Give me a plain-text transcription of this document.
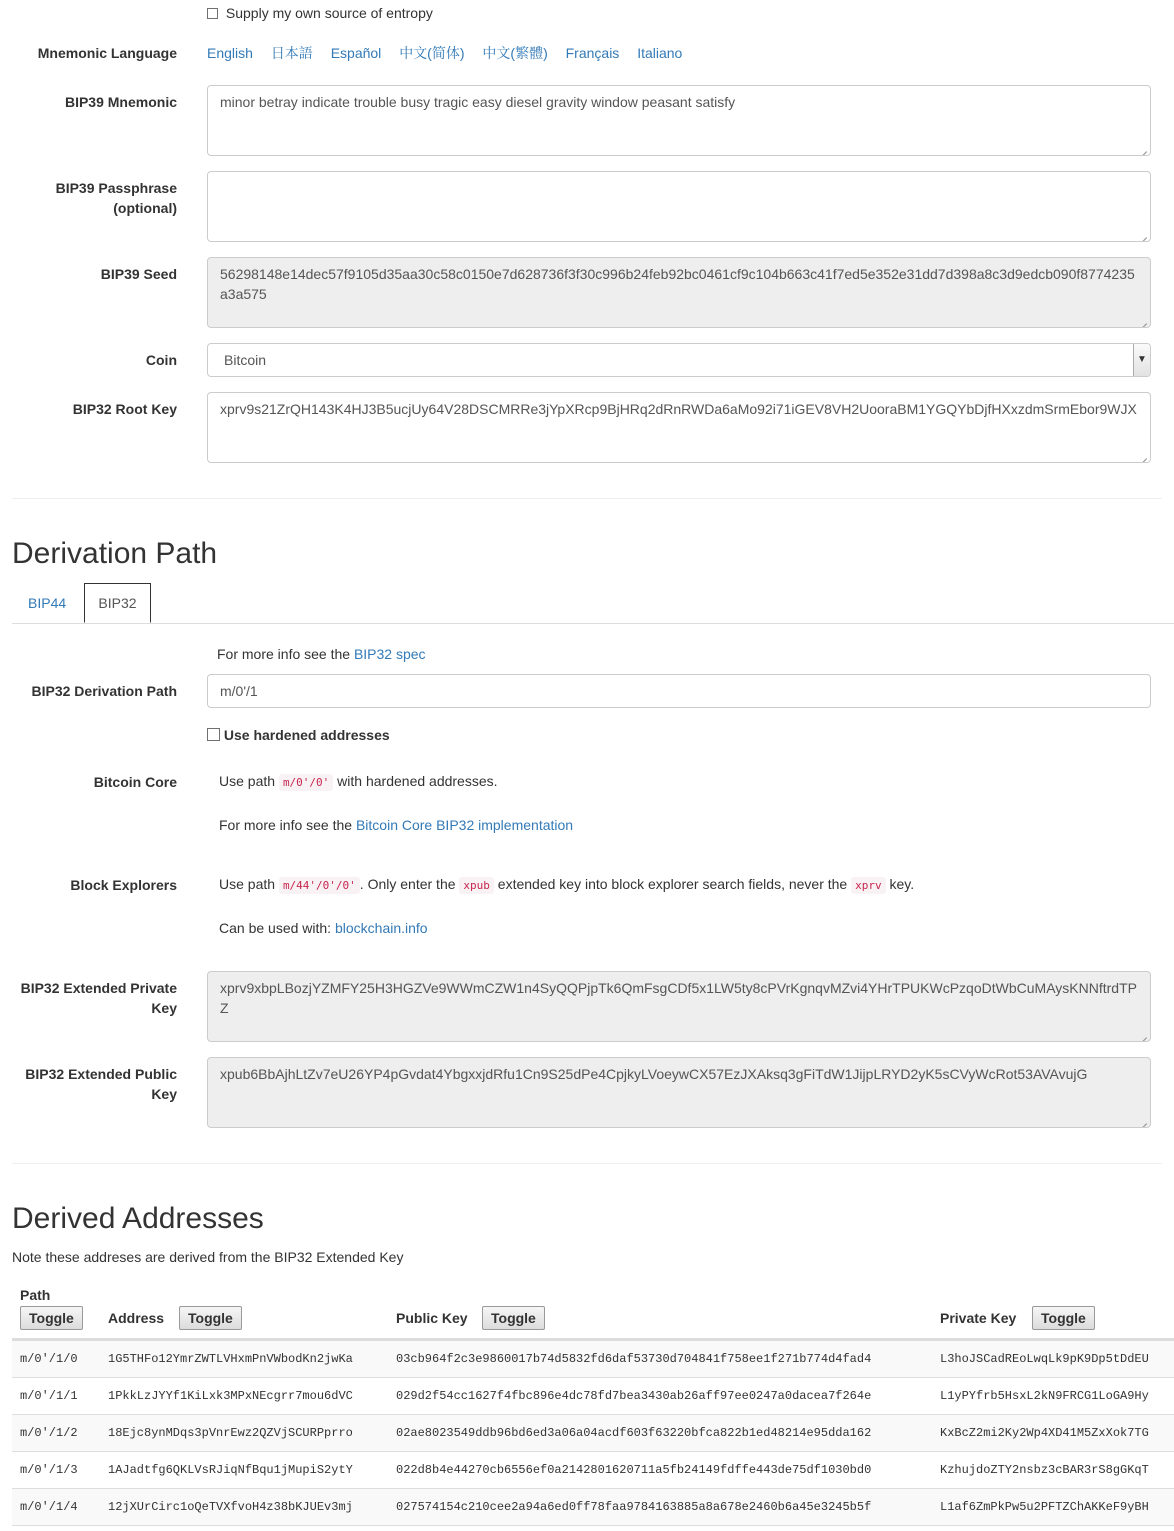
Supply my own source of entropy
Mnemonic Language English 日本語 Español 中文(简体) 中文(繁體) Français Italiano
BIP39 Mnemonic	minor betray indicate trouble busy tragic easy diesel gravity window peasant satisfy
BIP39 Passphrase
(optional)
BIP39 Seed	56298148e14dec57f9105d35aa30c58c0150e7d628736f3f30c996b24feb92bc0461cf9c104b663c41f7ed5e352e31dd7d398a8c3d9edcb090f8774235a3a575
Coin	Bitcoin	▼
BIP32 Root Key	xprv9s21ZrQH143K4HJ3B5ucjUy64V28DSCMRRe3jYpXRcp9BjHRq2dRnRWDa6aMo92i71iGEV8VH2UooraBM1YGQYbDjfHXxzdmSrmEbor9WJX
Derivation Path
BIP44	BIP32
For more info see the BIP32 spec
BIP32 Derivation Path	m/0'/1
Use hardened addresses
Bitcoin Core	Use path m/0'/0' with hardened addresses.
For more info see the Bitcoin Core BIP32 implementation
Block Explorers	Use path m/44'/0'/0' . Only enter the xpub extended key into block explorer search fields, never the xprv key.
Can be used with: blockchain.info
BIP32 Extended Private
Key
xprv9xbpLBozjYZMFY25H3HGZVe9WWmCZW1n4SyQQPjpTk6QmFsgCDf5x1LW5ty8cPVrKgnqvMZvi4YHrTPUKWcPzqoDtWbCuMAysKNNftrdTPZ
BIP32 Extended Public
Key
xpub6BbAjhLtZv7eU26YP4pGvdat4YbgxxjdRfu1Cn9S25dPe4CpjkyLVoeywCX57EzJXAksq3gFiTdW1JijpLRYD2yK5sCVyWcRot53AVAvujG
Derived Addresses
Note these addreses are derived from the BIP32 Extended Key
Path
Toggle	Address	Toggle	Public Key	Toggle	Private Key	Toggle
m/0'/1/0	1G5THFo12YmrZWTLVHxmPnVWbodKn2jwKa	03cb964f2c3e9860017b74d5832fd6daf53730d704841f758ee1f271b774d4fad4	L3hoJSCadREoLwqLk9pK9Dp5tDdEU
m/0'/1/1	1PkkLzJYYf1KiLxk3MPxNEcgrr7mou6dVC	029d2f54cc1627f4fbc896e4dc78fd7bea3430ab26aff97ee0247a0dacea7f264e	L1yPYfrb5HsxL2kN9FRCG1LoGA9Hy
m/0'/1/2	18Ejc8ynMDqs3pVnrEwz2QZVjSCURPprro	02ae8023549ddb96bd6ed3a06a04acdf603f63220bfca822b1ed48214e95dda162	KxBcZ2mi2Ky2Wp4XD41M5ZxXok7TG
m/0'/1/3	1AJadtfg6QKLVsRJiqNfBqu1jMupiS2ytY	022d8b4e44270cb6556ef0a2142801620711a5fb24149fdffe443de75df1030bd0	KzhujdoZTY2nsbz3cBAR3rS8gGKqT
m/0'/1/4	12jXUrCirc1oQeTVXfvoH4z38bKJUEv3mj	027574154c210cee2a94a6ed0ff78faa9784163885a8a678e2460b6a45e3245b5f	L1af6ZmPkPw5u2PFTZChAKKeF9yBH
